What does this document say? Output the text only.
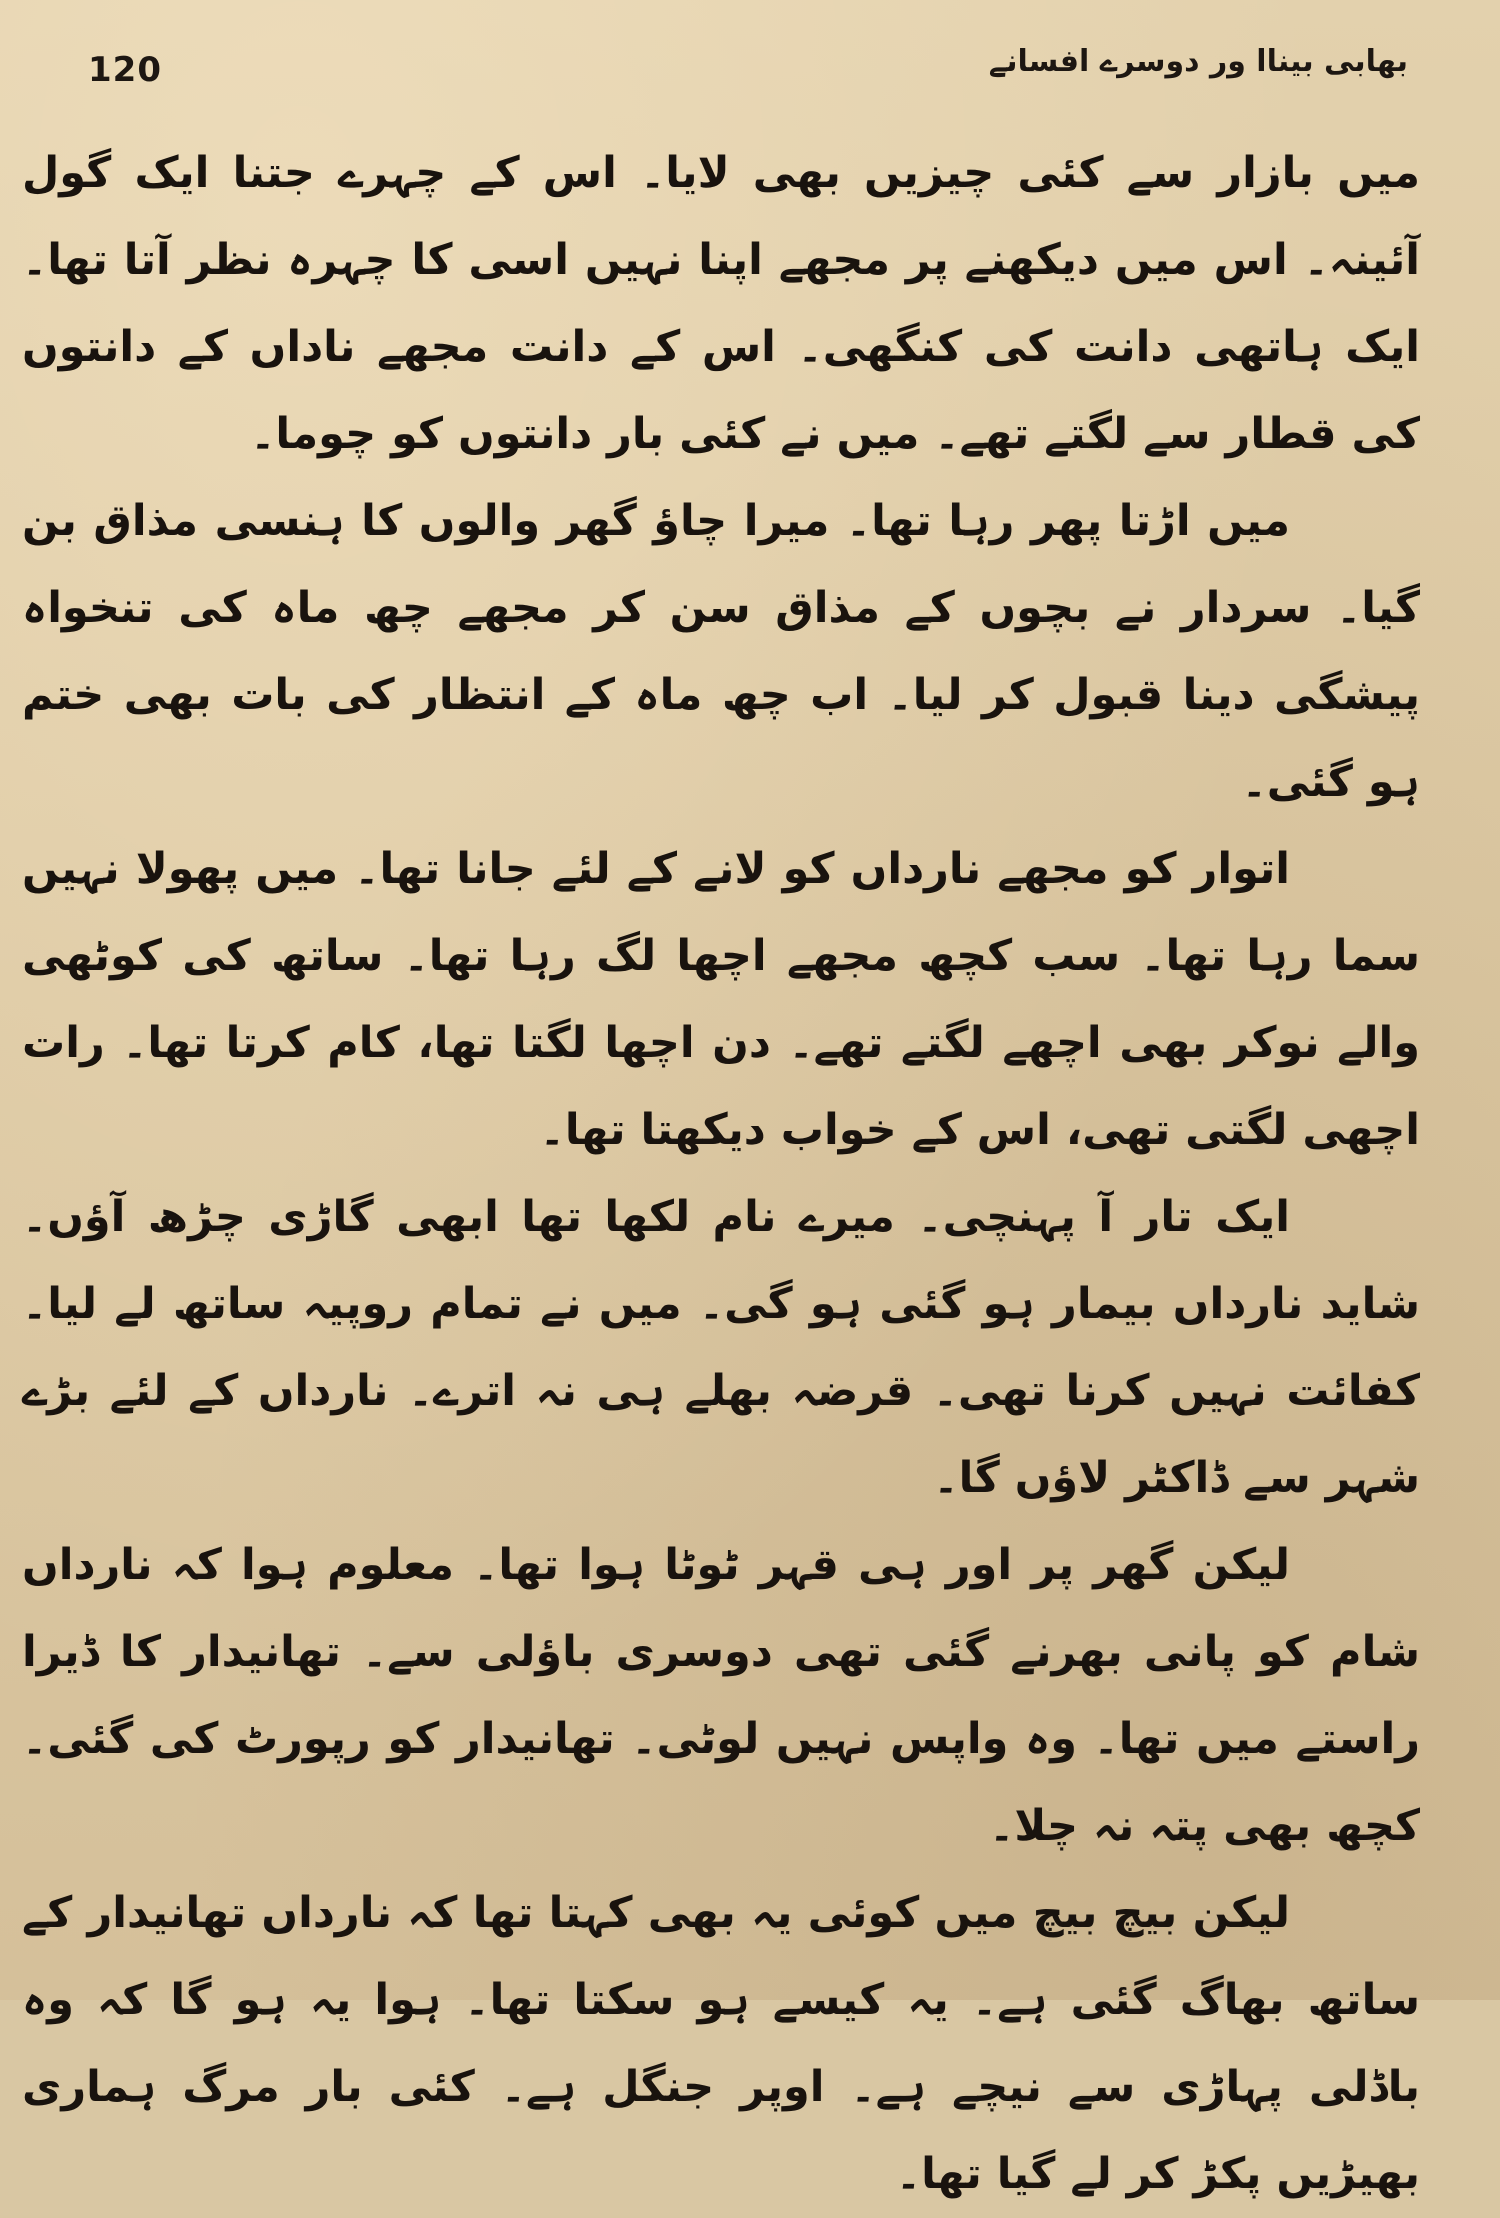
120	بھابی بیناا ور دوسرے افسانے

میں بازار سے کئی چیزیں بھی لایا۔ اس کے چہرے جتنا ایک گول آئینہ۔ اس میں دیکھنے پر مجھے اپنا نہیں اسی کا چہرہ نظر آتا تھا۔ ایک ہاتھی دانت کی کنگھی۔ اس کے دانت مجھے ناداں کے دانتوں کی قطار سے لگتے تھے۔ میں نے کئی بار دانتوں کو چوما۔

میں اڑتا پھر رہا تھا۔ میرا چاؤ گھر والوں کا ہنسی مذاق بن گیا۔ سردار نے بچوں کے مذاق سن کر مجھے چھ ماہ کی تنخواہ پیشگی دینا قبول کر لیا۔ اب چھ ماہ کے انتظار کی بات بھی ختم ہو گئی۔

اتوار کو مجھے نارداں کو لانے کے لئے جانا تھا۔ میں پھولا نہیں سما رہا تھا۔ سب کچھ مجھے اچھا لگ رہا تھا۔ ساتھ کی کوٹھی والے نوکر بھی اچھے لگتے تھے۔ دن اچھا لگتا تھا، کام کرتا تھا۔ رات اچھی لگتی تھی، اس کے خواب دیکھتا تھا۔

ایک تار آ پہنچی۔ میرے نام لکھا تھا ابھی گاڑی چڑھ آؤں۔ شاید نارداں بیمار ہو گئی ہو گی۔ میں نے تمام روپیہ ساتھ لے لیا۔ کفائت نہیں کرنا تھی۔ قرضہ بھلے ہی نہ اترے۔ نارداں کے لئے بڑے شہر سے ڈاکٹر لاؤں گا۔

لیکن گھر پر اور ہی قہر ٹوٹا ہوا تھا۔ معلوم ہوا کہ نارداں شام کو پانی بھرنے گئی تھی دوسری باؤلی سے۔ تھانیدار کا ڈیرا راستے میں تھا۔ وہ واپس نہیں لوٹی۔ تھانیدار کو رپورٹ کی گئی۔ کچھ بھی پتہ نہ چلا۔

لیکن بیچ بیچ میں کوئی یہ بھی کہتا تھا کہ نارداں تھانیدار کے ساتھ بھاگ گئی ہے۔ یہ کیسے ہو سکتا تھا۔ ہوا یہ ہو گا کہ وہ باڈلی پہاڑی سے نیچے ہے۔ اوپر جنگل ہے۔ کئی بار مرگ ہماری بھیڑیں پکڑ کر لے گیا تھا۔
